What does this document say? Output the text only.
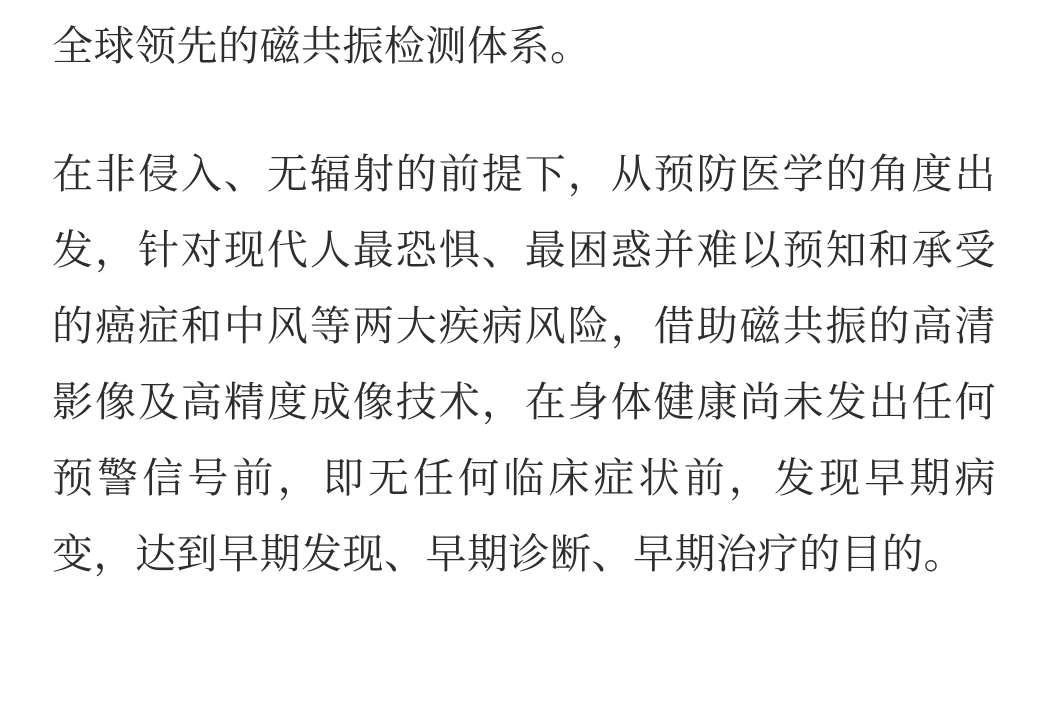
全球领先的磁共振检测体系。

在非侵入、无辐射的前提下，从预防医学的角度出发，针对现代人最恐惧、最困惑并难以预知和承受的癌症和中风等两大疾病风险，借助磁共振的高清影像及高精度成像技术，在身体健康尚未发出任何预警信号前，即无任何临床症状前，发现早期病变，达到早期发现、早期诊断、早期治疗的目的。
